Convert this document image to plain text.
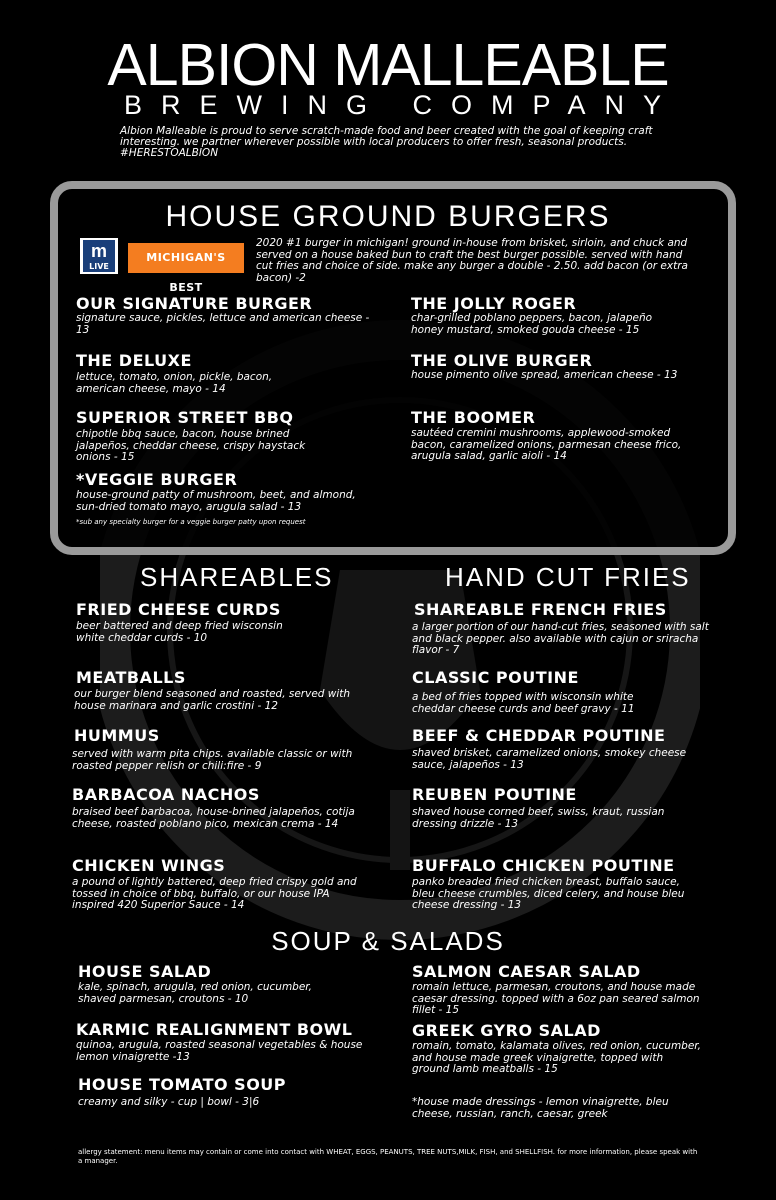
ALBION MALLEABLE
BREWING COMPANY
Albion Malleable is proud to serve scratch-made food and beer created with the goal of keeping craft interesting. we partner wherever possible with local producers to offer fresh, seasonal products. #HERESTOALBION
HOUSE GROUND BURGERS
m
LIVE
MICHIGAN'S BEST
2020 #1 burger in michigan! ground in-house from brisket, sirloin, and chuck and served on a house baked bun to craft the best burger possible. served with hand cut fries and choice of side. make any burger a double - 2.50. add bacon (or extra bacon) -2
OUR SIGNATURE BURGER
signature sauce, pickles, lettuce and american cheese - 13
THE DELUXE
lettuce, tomato, onion, pickle, bacon, american cheese, mayo - 14
SUPERIOR STREET BBQ
chipotle bbq sauce, bacon, house brined jalapeños, cheddar cheese, crispy haystack onions - 15
*VEGGIE BURGER
house-ground patty of mushroom, beet, and almond, sun-dried tomato mayo, arugula salad - 13
*sub any specialty burger for a veggie burger patty upon request
THE JOLLY ROGER
char-grilled poblano peppers, bacon, jalapeño honey mustard, smoked gouda cheese - 15
THE OLIVE BURGER
house pimento olive spread, american cheese - 13
THE BOOMER
sautéed cremini mushrooms, applewood-smoked bacon, caramelized onions, parmesan cheese frico, arugula salad, garlic aioli - 14
SHAREABLES	HAND CUT FRIES
FRIED CHEESE CURDS
beer battered and deep fried wisconsin white cheddar curds - 10
MEATBALLS
our burger blend seasoned and roasted, served with house marinara and garlic crostini - 12
HUMMUS
served with warm pita chips. available classic or with roasted pepper relish or chili:fire - 9
BARBACOA NACHOS
braised beef barbacoa, house-brined jalapeños, cotija cheese, roasted poblano pico, mexican crema - 14
CHICKEN WINGS
a pound of lightly battered, deep fried crispy gold and tossed in choice of bbq, buffalo, or our house IPA inspired 420 Superior Sauce - 14
SHAREABLE FRENCH FRIES
a larger portion of our hand-cut fries, seasoned with salt and black pepper. also available with cajun or sriracha flavor - 7
CLASSIC POUTINE
a bed of fries topped with wisconsin white cheddar cheese curds and beef gravy - 11
BEEF & CHEDDAR POUTINE
shaved brisket, caramelized onions, smokey cheese sauce, jalapeños - 13
REUBEN POUTINE
shaved house corned beef, swiss, kraut, russian dressing drizzle - 13
BUFFALO CHICKEN POUTINE
panko breaded fried chicken breast, buffalo sauce, bleu cheese crumbles, diced celery, and house bleu cheese dressing - 13
SOUP & SALADS
HOUSE SALAD
kale, spinach, arugula, red onion, cucumber, shaved parmesan, croutons - 10
KARMIC REALIGNMENT BOWL
quinoa, arugula, roasted seasonal vegetables & house lemon vinaigrette -13
HOUSE TOMATO SOUP
creamy and silky - cup | bowl - 3|6
SALMON CAESAR SALAD
romain lettuce, parmesan, croutons, and house made caesar dressing. topped with a 6oz pan seared salmon fillet - 15
GREEK GYRO SALAD
romain, tomato, kalamata olives, red onion, cucumber, and house made greek vinaigrette, topped with ground lamb meatballs - 15
*house made dressings - lemon vinaigrette, bleu cheese, russian, ranch, caesar, greek
allergy statement: menu items may contain or come into contact with WHEAT, EGGS, PEANUTS, TREE NUTS,MILK, FISH, and SHELLFISH. for more information, please speak with a manager.
